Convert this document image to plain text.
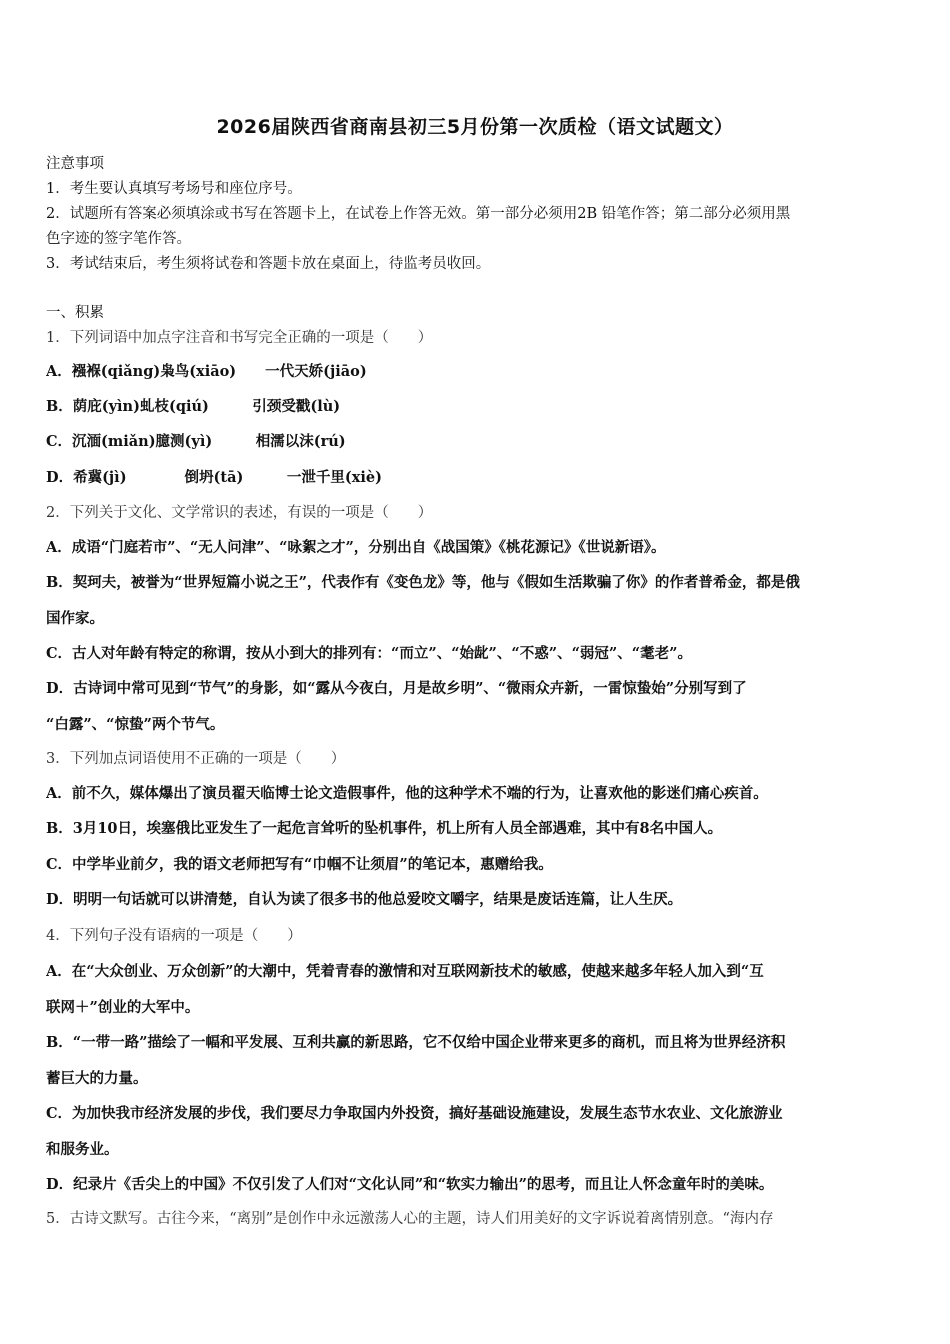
2026届陕西省商南县初三5月份第一次质检（语文试题文）
注意事项
1．考生要认真填写考场号和座位序号。
2．试题所有答案必须填涂或书写在答题卡上，在试卷上作答无效。第一部分必须用2B 铅笔作答；第二部分必须用黑
色字迹的签字笔作答。
3．考试结束后，考生须将试卷和答题卡放在桌面上，待监考员收回。
一、积累
1．下列词语中加点字注音和书写完全正确的一项是（　　）
A．襁褓(qiǎng)枭鸟(xiāo)　　一代天娇(jiāo)
B．荫庇(yìn)虬枝(qiú)　　　引颈受戳(lù)
C．沉湎(miǎn)臆测(yì)　　　相濡以沫(rú)
D．希冀(jì)　　　　倒坍(tā)　　　一泄千里(xiè)
2．下列关于文化、文学常识的表述，有误的一项是（　　）
A．成语“门庭若市”、“无人问津”、“咏絮之才”，分别出自《战国策》《桃花源记》《世说新语》。
B．契珂夫，被誉为“世界短篇小说之王”，代表作有《变色龙》等，他与《假如生活欺骗了你》的作者普希金，都是俄
国作家。
C．古人对年龄有特定的称谓，按从小到大的排列有：“而立”、“始龀”、“不惑”、“弱冠”、“耄老”。
D．古诗词中常可见到“节气”的身影，如“露从今夜白，月是故乡明”、“微雨众卉新，一雷惊蛰始”分别写到了
“白露”、“惊蛰”两个节气。
3．下列加点词语使用不正确的一项是（　　）
A．前不久，媒体爆出了演员翟天临博士论文造假事件，他的这种学术不端的行为，让喜欢他的影迷们痛心疾首。
B．3月10日，埃塞俄比亚发生了一起危言耸听的坠机事件，机上所有人员全部遇难，其中有8名中国人。
C．中学毕业前夕，我的语文老师把写有“巾帼不让须眉”的笔记本，惠赠给我。
D．明明一句话就可以讲清楚，自认为读了很多书的他总爱咬文嚼字，结果是废话连篇，让人生厌。
4．下列句子没有语病的一项是（　　）
A．在“大众创业、万众创新”的大潮中，凭着青春的激情和对互联网新技术的敏感，使越来越多年轻人加入到“互
联网＋”创业的大军中。
B．“一带一路”描绘了一幅和平发展、互利共赢的新思路，它不仅给中国企业带来更多的商机，而且将为世界经济积
蓄巨大的力量。
C．为加快我市经济发展的步伐，我们要尽力争取国内外投资，搞好基础设施建设，发展生态节水农业、文化旅游业
和服务业。
D．纪录片《舌尖上的中国》不仅引发了人们对“文化认同”和“软实力输出”的思考，而且让人怀念童年时的美味。
5．古诗文默写。古往今来，“离别”是创作中永远激荡人心的主题，诗人们用美好的文字诉说着离情别意。“海内存
